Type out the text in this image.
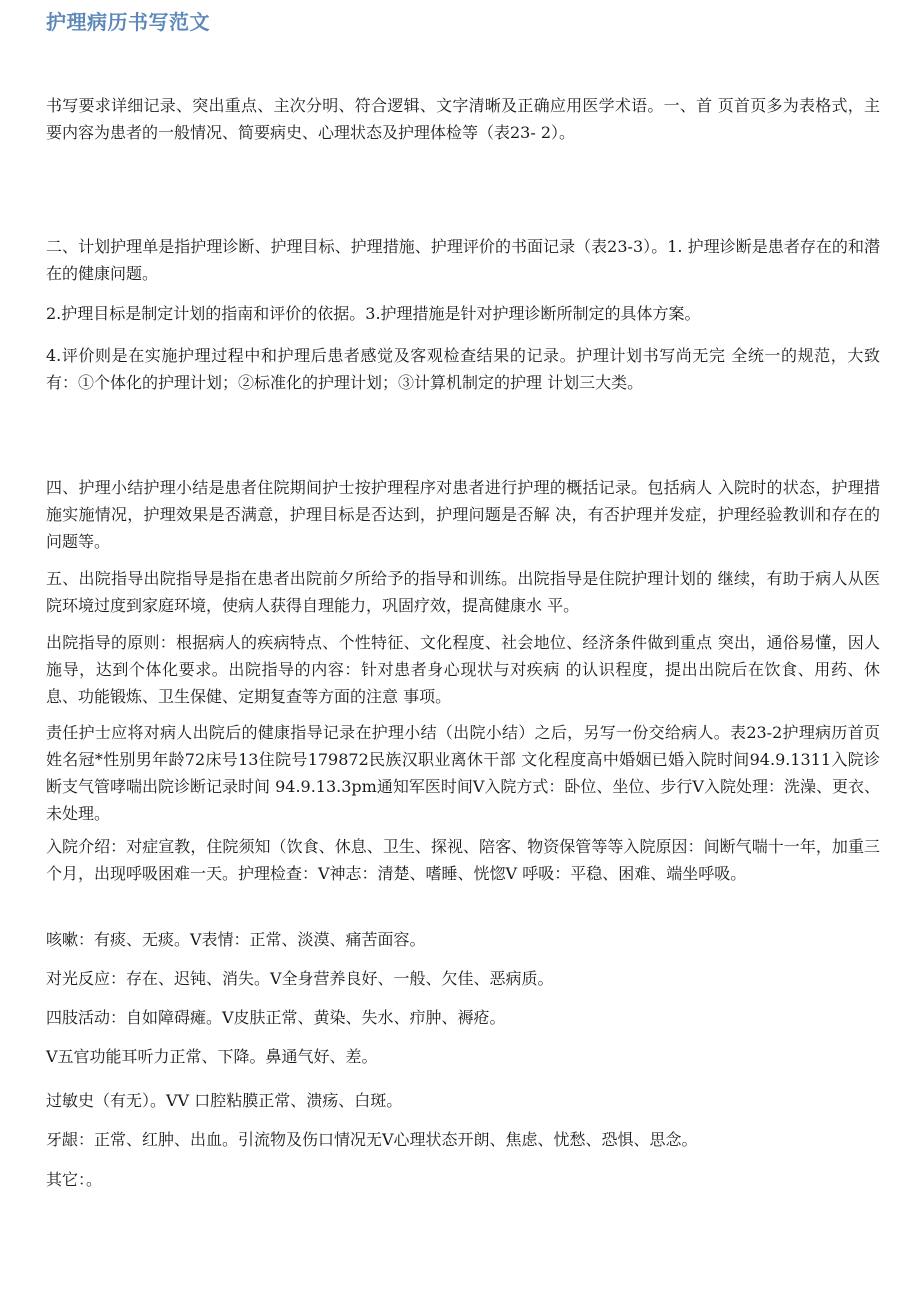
护理病历书写范文
书写要求详细记录、突出重点、主次分明、符合逻辑、文字清晰及正确应用医学术语。一、首 页首页多为表格式，主要内容为患者的一般情况、简要病史、心理状态及护理体检等（表23- 2）。
二、计划护理单是指护理诊断、护理目标、护理措施、护理评价的书面记录（表23-3）。1. 护理诊断是患者存在的和潜在的健康问题。
2.护理目标是制定计划的指南和评价的依据。3.护理措施是针对护理诊断所制定的具体方案。
4.评价则是在实施护理过程中和护理后患者感觉及客观检查结果的记录。护理计划书写尚无完 全统一的规范，大致有：①个体化的护理计划；②标准化的护理计划；③计算机制定的护理 计划三大类。
四、护理小结护理小结是患者住院期间护士按护理程序对患者进行护理的概括记录。包括病人 入院时的状态，护理措施实施情况，护理效果是否满意，护理目标是否达到，护理问题是否解 决，有否护理并发症，护理经验教训和存在的问题等。
五、出院指导出院指导是指在患者出院前夕所给予的指导和训练。出院指导是住院护理计划的 继续，有助于病人从医院环境过度到家庭环境，使病人获得自理能力，巩固疗效，提高健康水 平。
出院指导的原则：根据病人的疾病特点、个性特征、文化程度、社会地位、经济条件做到重点 突出，通俗易懂，因人施导，达到个体化要求。出院指导的内容：针对患者身心现状与对疾病 的认识程度，提出出院后在饮食、用药、休息、功能锻炼、卫生保健、定期复查等方面的注意 事项。
责任护士应将对病人出院后的健康指导记录在护理小结（出院小结）之后，另写一份交给病人。表23-2护理病历首页姓名冠*性别男年龄72床号13住院号179872民族汉职业离休干部 文化程度高中婚姻已婚入院时间94.9.1311入院诊断支气管哮喘出院诊断记录时间 94.9.13.3pm通知军医时间V入院方式：卧位、坐位、步行V入院处理：洗澡、更衣、未处理。
入院介绍：对症宣教，住院须知（饮食、休息、卫生、探视、陪客、物资保管等等入院原因：间断气喘十一年，加重三个月，出现呼吸困难一天。护理检查：V神志：清楚、嗜睡、恍惚V 呼吸：平稳、困难、端坐呼吸。
咳嗽：有痰、无痰。V表情：正常、淡漠、痛苦面容。
对光反应：存在、迟钝、消失。V全身营养良好、一般、欠佳、恶病质。
四肢活动：自如障碍瘫。V皮肤正常、黄染、失水、疖肿、褥疮。
V五官功能耳听力正常、下降。鼻通气好、差。
过敏史（有无）。VV 口腔粘膜正常、溃疡、白斑。
牙龈：正常、红肿、出血。引流物及伤口情况无V心理状态开朗、焦虑、忧愁、恐惧、思念。
其它：。
